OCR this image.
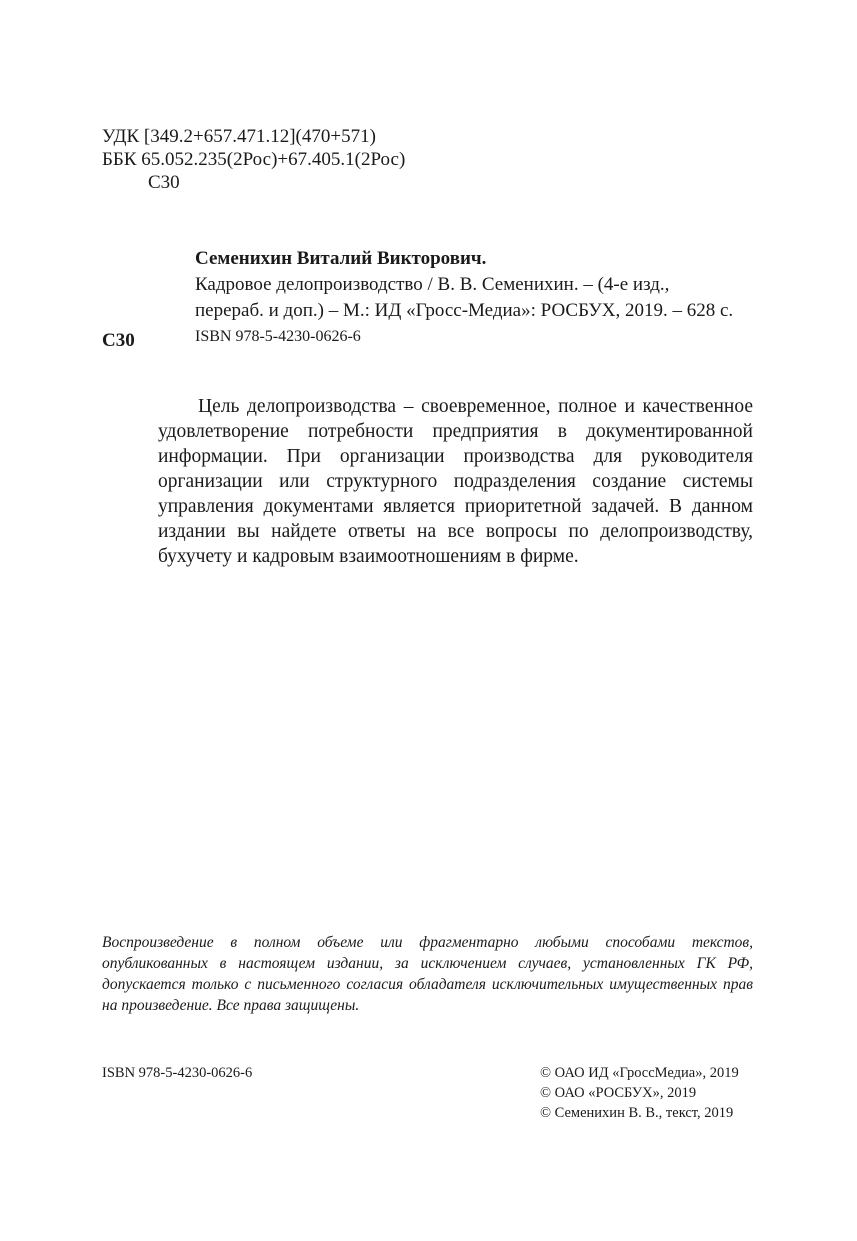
УДК [349.2+657.471.12](470+571)
ББК 65.052.235(2Рос)+67.405.1(2Рос)
С30
Семенихин Виталий Викторович.
Кадровое делопроизводство / В. В. Семенихин. – (4-е изд.,
перераб. и доп.) – М.: ИД «Гросс-Медиа»: РОСБУХ, 2019. – 628 с.
ISBN 978-5-4230-0626-6
С30

Цель делопроизводства – своевременное, полное и качественное удовлетворение потребности предприятия в документированной информации. При организации производства для руководителя организации или структурного подразделения создание системы управления документами является приоритетной задачей. В данном издании вы найдете ответы на все вопросы по делопроизводству, бухучету и кадровым взаимоотношениям в фирме.

Воспроизведение в полном объеме или фрагментарно любыми способами текстов, опубликованных в настоящем издании, за исключением случаев, установленных ГК РФ, допускается только с письменного согласия обладателя исключительных имущественных прав на произведение. Все права защищены.

ISBN 978-5-4230-0626-6	© ОАО ИД «ГроссМедиа», 2019
© ОАО «РОСБУХ», 2019
© Семенихин В. В., текст, 2019
